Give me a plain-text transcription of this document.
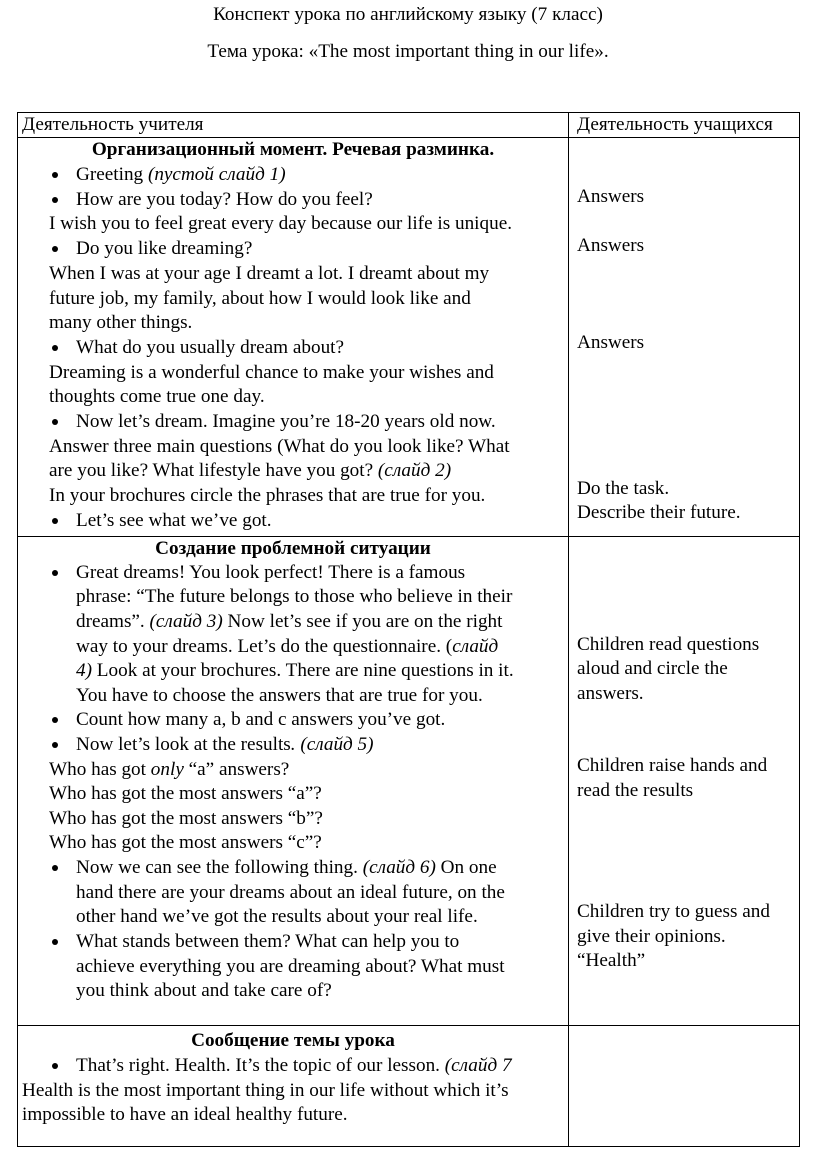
Конспект урока по английскому языку (7 класс)
Тема урока: «The most important thing in our life».
Деятельность учителя	Деятельность учащихся
Организационный момент. Речевая разминка.
Greeting (пустой слайд 1)
How are you today? How do you feel?
I wish you to feel great every day because our life is unique.
Do you like dreaming?
When I was at your age I dreamt a lot. I dreamt about my
future job, my family, about how I would look like and
many other things.
What do you usually dream about?
Dreaming is a wonderful chance to make your wishes and
thoughts come true one day.
Now let’s dream. Imagine you’re 18-20 years old now.
Answer three main questions (What do you look like? What
are you like? What lifestyle have you got? (слайд 2)
In your brochures circle the phrases that are true for you.
Let’s see what we’ve got.
Answers
Answers
Answers
Do the task.
Describe their future.
Создание проблемной ситуации
Great dreams! You look perfect! There is a famous
phrase: “The future belongs to those who believe in their
dreams”. (слайд 3) Now let’s see if you are on the right
way to your dreams. Let’s do the questionnaire. (слайд
4) Look at your brochures. There are nine questions in it.
You have to choose the answers that are true for you.
Count how many a, b and c answers you’ve got.
Now let’s look at the results. (слайд 5)
Who has got only “a” answers?
Who has got the most answers “a”?
Who has got the most answers “b”?
Who has got the most answers “c”?
Now we can see the following thing. (слайд 6) On one
hand there are your dreams about an ideal future, on the
other hand we’ve got the results about your real life.
What stands between them? What can help you to
achieve everything you are dreaming about? What must
you think about and take care of?
Children read questions
aloud and circle the
answers.
Children raise hands and
read the results
Children try to guess and
give their opinions.
“Health”
Сообщение темы урока
That’s right. Health. It’s the topic of our lesson. (слайд 7
Health is the most important thing in our life without which it’s
impossible to have an ideal healthy future.
